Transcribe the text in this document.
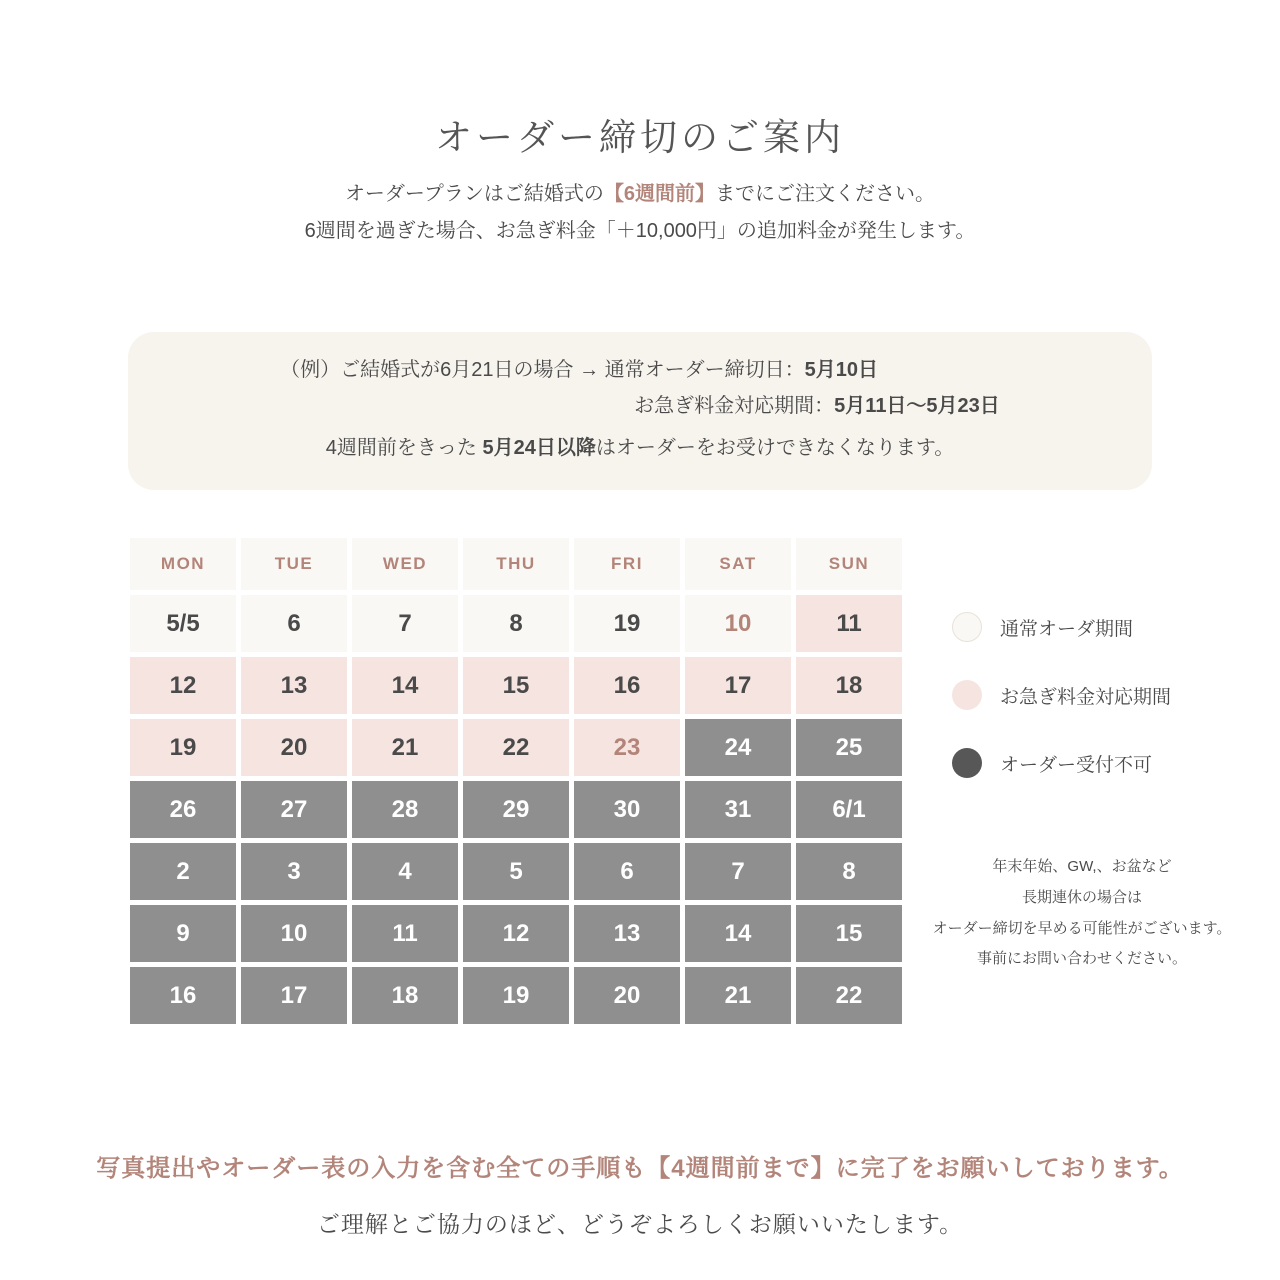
オーダー締切のご案内
オーダープランはご結婚式の【6週間前】までにご注文ください。
6週間を過ぎた場合、お急ぎ料金「＋10,000円」の追加料金が発生します。
（例）ご結婚式が6月21日の場合 → 通常オーダー締切日：5月10日
お急ぎ料金対応期間：5月11日〜5月23日
4週間前をきった 5月24日以降はオーダーをお受けできなくなります。
MON	TUE	WED	THU	FRI	SAT	SUN
5/5	6	7	8	19	10	11
12	13	14	15	16	17	18
19	20	21	22	23	24	25
26	27	28	29	30	31	6/1
2	3	4	5	6	7	8
9	10	11	12	13	14	15
16	17	18	19	20	21	22
通常オーダ期間
お急ぎ料金対応期間
オーダー受付不可
年末年始、GW,、お盆など
長期連休の場合は
オーダー締切を早める可能性がございます。
事前にお問い合わせください。
写真提出やオーダー表の入力を含む全ての手順も【4週間前まで】に完了をお願いしております。
ご理解とご協力のほど、どうぞよろしくお願いいたします。
